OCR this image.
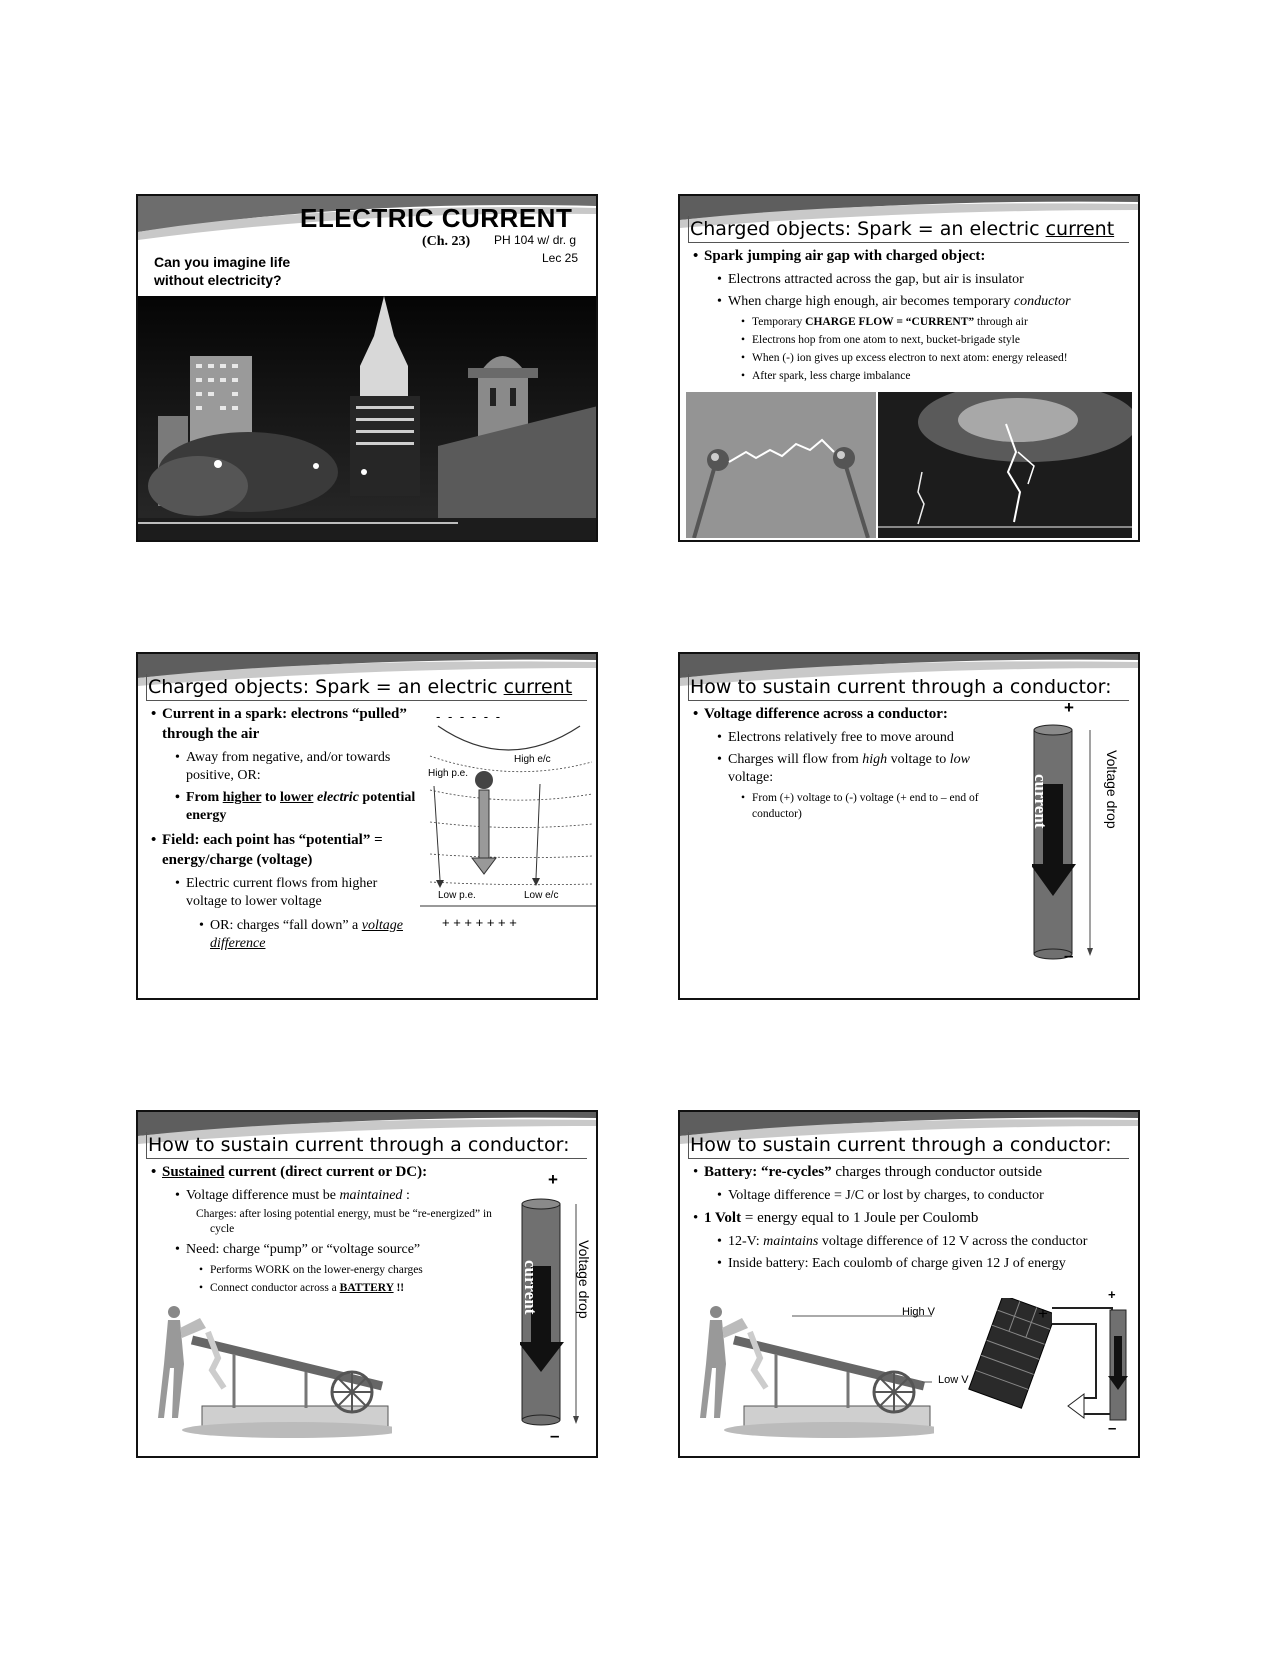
ELECTRIC CURRENT
(Ch. 23) PH 104 w/ dr. g
Lec 25
Can you imagine life
without electricity?
Charged objects: Spark = an electric current
• Spark jumping air gap with charged object:
• Electrons attracted across the gap, but air is insulator
• When charge high enough, air becomes temporary conductor
• Temporary CHARGE FLOW = “CURRENT” through air
• Electrons hop from one atom to next, bucket-brigade style
• When (-) ion gives up excess electron to next atom: energy released!
• After spark, less charge imbalance
Charged objects: Spark = an electric current
• Current in a spark: electrons “pulled”
through the air
• Away from negative, and/or towards
positive, OR:
• From higher to lower electric potential
energy
• Field: each point has “potential” =
energy/charge (voltage)
• Electric current flows from higher
voltage to lower voltage
• OR: charges “fall down” a voltage
difference
- - - - - -
High e/c
High p.e.
Low p.e.	Low e/c
+ + + + + + +
How to sustain current through a conductor:
• Voltage difference across a conductor:
• Electrons relatively free to move around
• Charges will flow from high voltage to low
voltage:
• From (+) voltage to (-) voltage (+ end to – end of
conductor)
+
current	Voltage drop
–
How to sustain current through a conductor:
• Sustained current (direct current or DC):
• Voltage difference must be maintained :
Charges: after losing potential energy, must be “re-energized” in
cycle
• Need: charge “pump” or “voltage source”
• Performs WORK on the lower-energy charges
• Connect conductor across a BATTERY !!
+
current	Voltage drop
–
How to sustain current through a conductor:
• Battery: “re-cycles” charges through conductor outside
• Voltage difference = J/C or lost by charges, to conductor
• 1 Volt = energy equal to 1 Joule per Coulomb
• 12-V: maintains voltage difference of 12 V across the conductor
• Inside battery: Each coulomb of charge given 12 J of energy
High V
Low V
+
+
–
